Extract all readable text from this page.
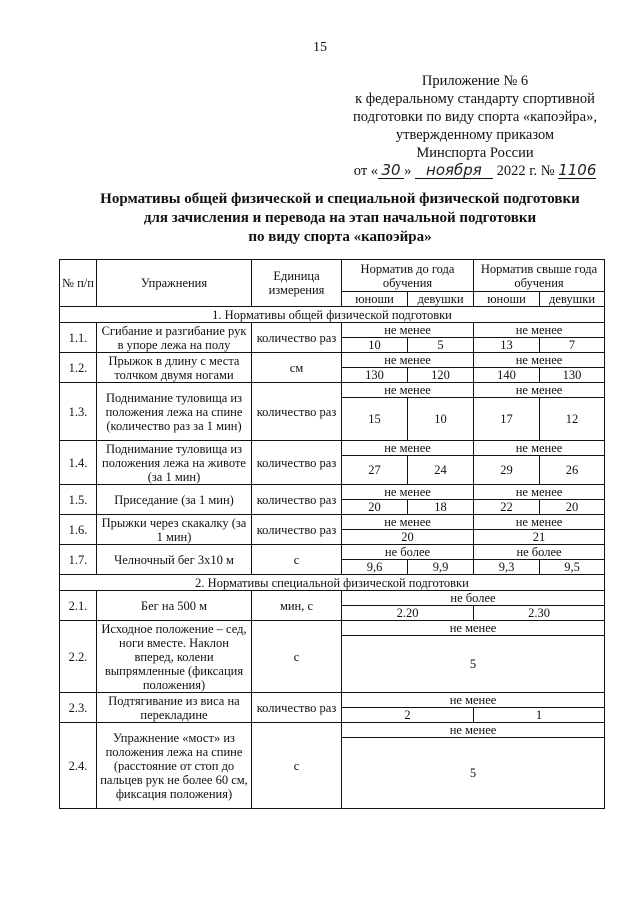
15
Приложение № 6
к федеральному стандарту спортивной
подготовки по виду спорта «капоэйра»,
утвержденному приказом
Минспорта России
от « 30 » ноября 2022 г. № 1106
Нормативы общей физической и специальной физической подготовки
для зачисления и перевода на этап начальной подготовки
по виду спорта «капоэйра»
№ п/п	Упражнения	Единица измерения	Норматив до года обучения		Норматив свыше года обучения	
			юноши	девушки	юноши	девушки
1. Нормативы общей физической подготовки						
1.1.	Сгибание и разгибание рук в упоре лежа на полу	количество раз	не менее		не менее	
			10	5	13	7
1.2.	Прыжок в длину с места толчком двумя ногами	см	не менее		не менее	
			130	120	140	130
1.3.	Поднимание туловища из положения лежа на спине (количество раз за 1 мин)	количество раз	не менее		не менее	
			15	10	17	12
1.4.	Поднимание туловища из положения лежа на животе (за 1 мин)	количество раз	не менее		не менее	
			27	24	29	26
1.5.	Приседание (за 1 мин)	количество раз	не менее		не менее	
			20	18	22	20
1.6.	Прыжки через скакалку (за 1 мин)	количество раз	не менее		не менее	
			20		21	
1.7.	Челночный бег 3х10 м	с	не более		не более	
			9,6	9,9	9,3	9,5
2. Нормативы специальной физической подготовки						
2.1.	Бег на 500 м	мин, с	не более			
			2.20		2.30	
2.2.	Исходное положение – сед, ноги вместе. Наклон вперед, колени выпрямленные (фиксация положения)	с	не менее			
			5			
2.3.	Подтягивание из виса на перекладине	количество раз	не менее			
			2		1	
2.4.	Упражнение «мост» из положения лежа на спине (расстояние от стоп до пальцев рук не более 60 см, фиксация положения)	с	не менее			
			5			
